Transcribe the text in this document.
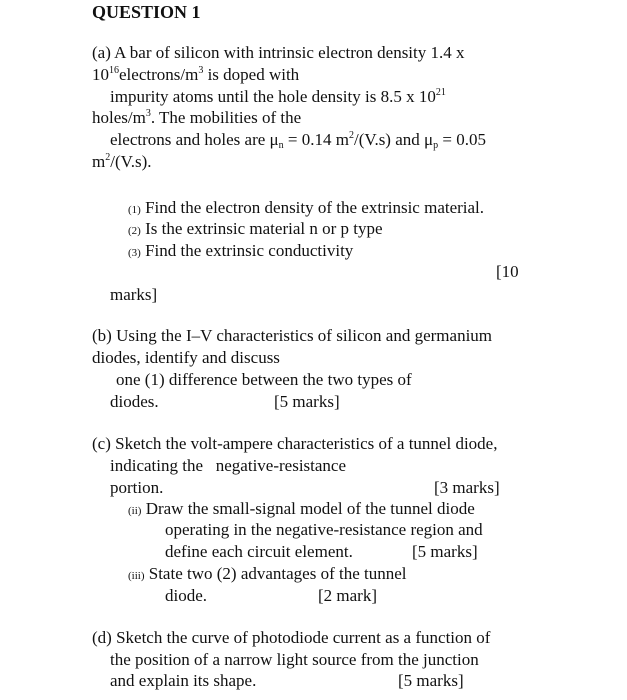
QUESTION 1
(a) A bar of silicon with intrinsic electron density 1.4 x
$10^{16}electrons/m^3$ is doped with
impurity atoms until the hole density is 8.5 x $10^{21}$
holes/$m^3$. The mobilities of the
electrons and holes are $\mu_n = 0.14$ $m^2/(V.s)$ and $\mu_p = 0.05$
$m^2/(V.s)$.
(1) Find the electron density of the extrinsic material.
(2) Is the extrinsic material n or p type
(3) Find the extrinsic conductivity
[10
marks]
(b) Using the I–V characteristics of silicon and germanium
diodes, identify and discuss
one (1) difference between the two types of
diodes.	[5 marks]
(c) Sketch the volt-ampere characteristics of a tunnel diode,
indicating the   negative-resistance
portion.	[3 marks]
(ii) Draw the small-signal model of the tunnel diode
operating in the negative-resistance region and
define each circuit element.	[5 marks]
(iii) State two (2) advantages of the tunnel
diode.	[2 mark]
(d) Sketch the curve of photodiode current as a function of
the position of a narrow light source from the junction
and explain its shape.	[5 marks]
